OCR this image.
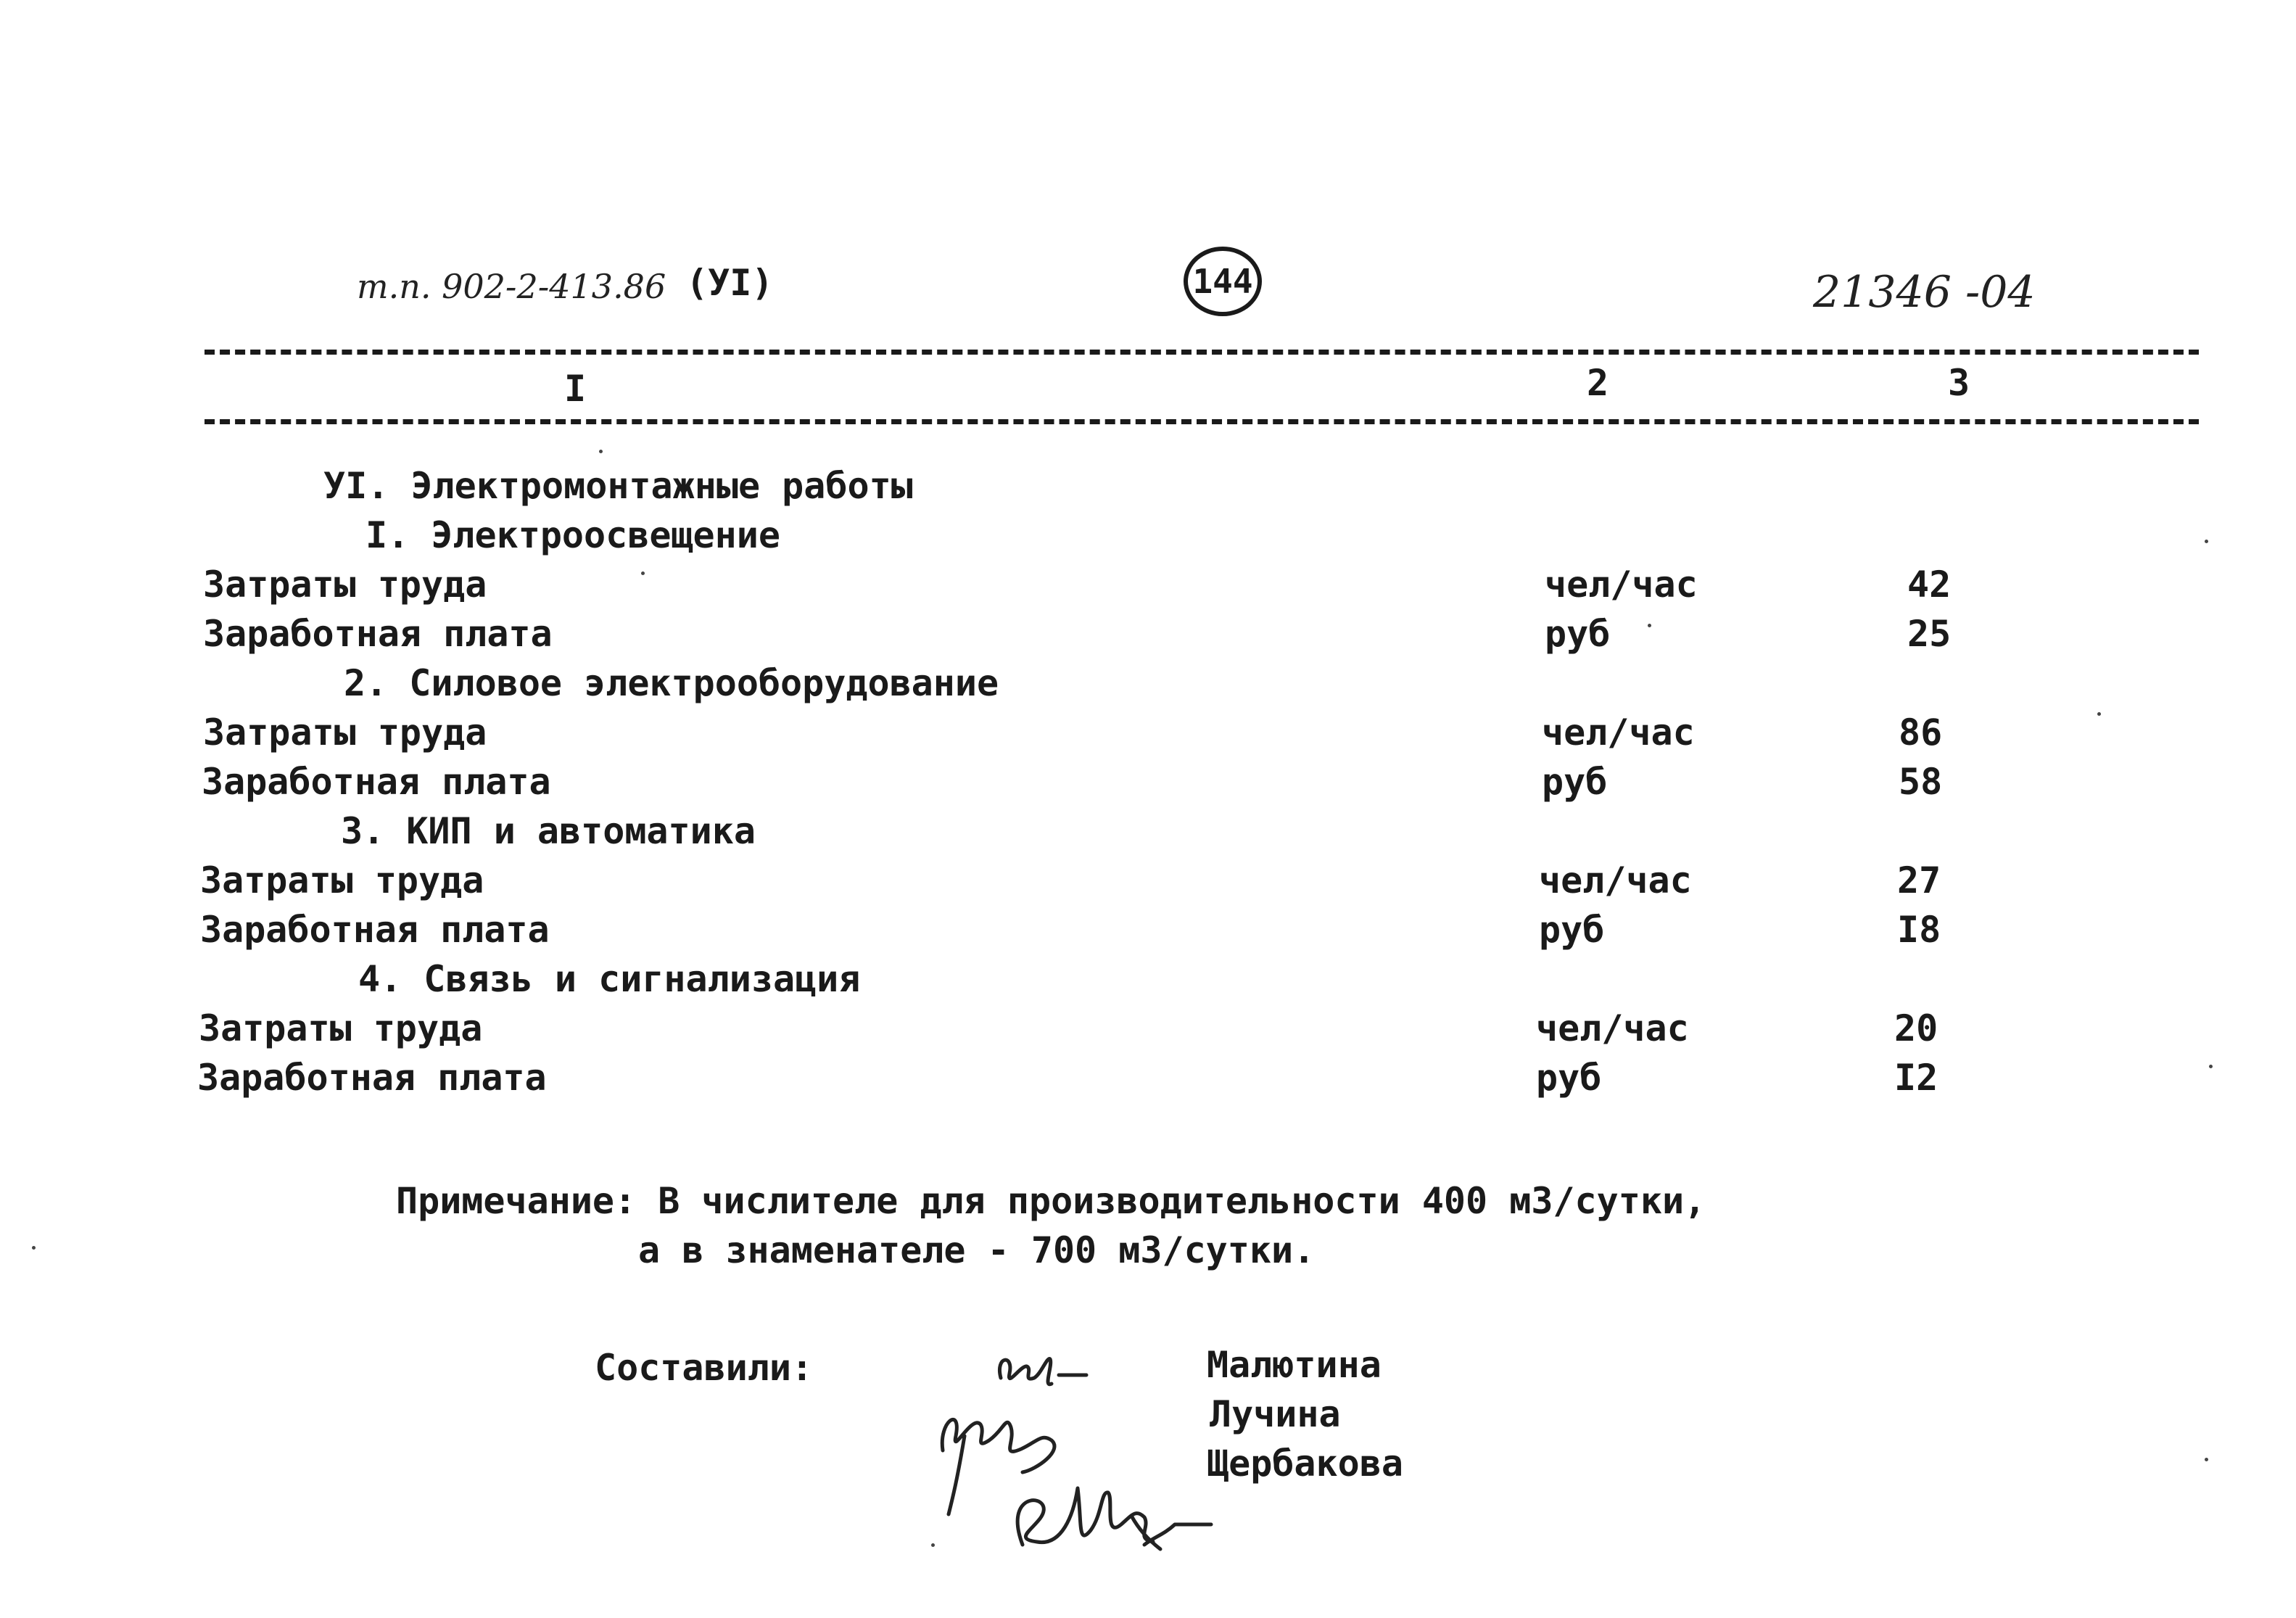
т.п. 902-2-413.86 (УI)	144	21346 -04
I	2	3
УI. Электромонтажные работы
I. Электроосвещение
Затраты труда	чел/час	42
Заработная плата	руб	25
2. Силовое электрооборудование
Затраты труда	чел/час	86
Заработная плата	руб	58
3. КИП и автоматика
Затраты труда	чел/час	27
Заработная плата	руб	I8
4. Связь и сигнализация
Затраты труда	чел/час	20
Заработная плата	руб	I2
Примечание: В числителе для производительности 400 м3/сутки,
а в знаменателе - 700 м3/сутки.
Составили:	Малютина
Лучина
Щербакова
